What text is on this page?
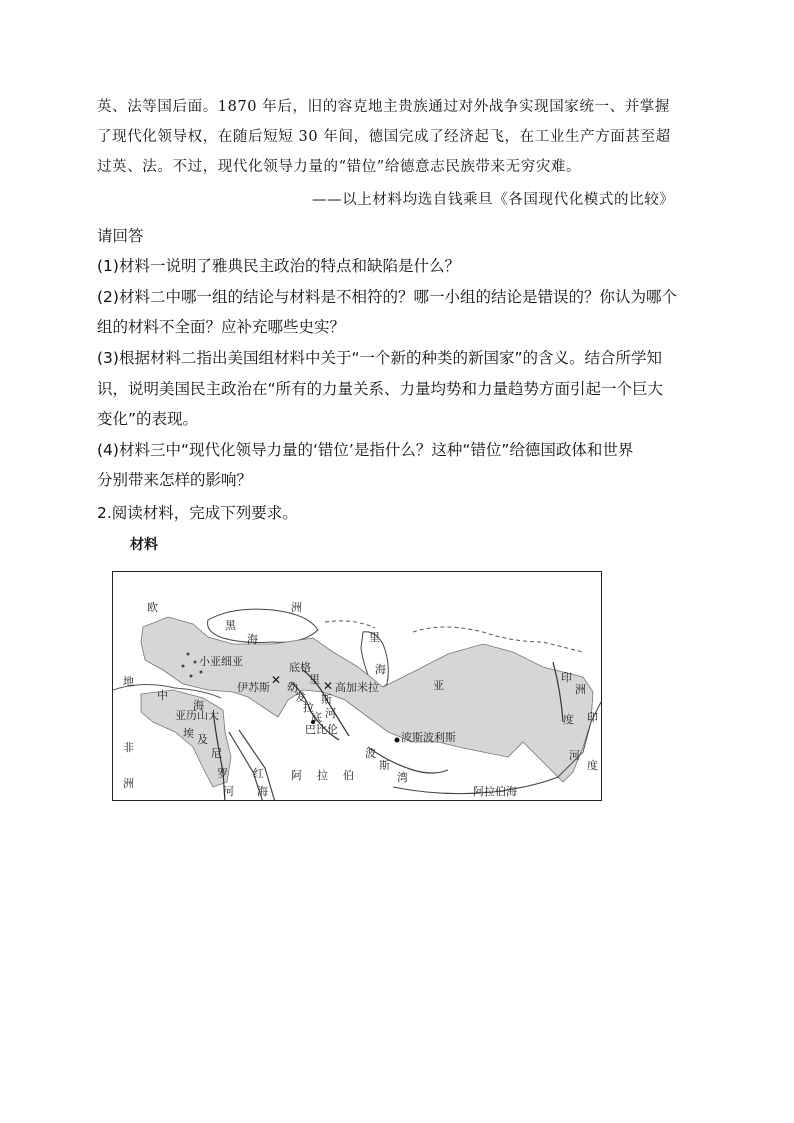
英、法等国后面。1870 年后，旧的容克地主贵族通过对外战争实现国家统一、并掌握
了现代化领导权，在随后短短 30 年间，德国完成了经济起飞，在工业生产方面甚至超
过英、法。不过，现代化领导力量的“错位”给德意志民族带来无穷灾难。
——以上材料均选自钱乘旦《各国现代化模式的比较》
请回答
(1)材料一说明了雅典民主政治的特点和缺陷是什么？
(2)材料二中哪一组的结论与材料是不相符的？哪一小组的结论是错误的？你认为哪个
组的材料不全面？应补充哪些史实？
(3)根据材料二指出美国组材料中关于“一个新的种类的新国家”的含义。结合所学知
识，说明美国民主政治在“所有的力量关系、力量均势和力量趋势方面引起一个巨大
变化”的表现。
(4)材料三中“现代化领导力量的‘错位’是指什么？这种“错位”给德国政体和世界
分别带来怎样的影响？
2.阅读材料，完成下列要求。
材料
✕	✕
欧	洲
黑
海	里
海
小亚细亚
地
中
海
底格
里
斯
伊苏斯	高加米拉
幼
发
拉
底 河
亚
印
度
河
洲
印
亚历山大
埃 及
巴比伦
波斯波利斯
非
洲
尼
罗
河
红
海
阿 拉 伯
波
斯
湾
阿拉伯海
度
